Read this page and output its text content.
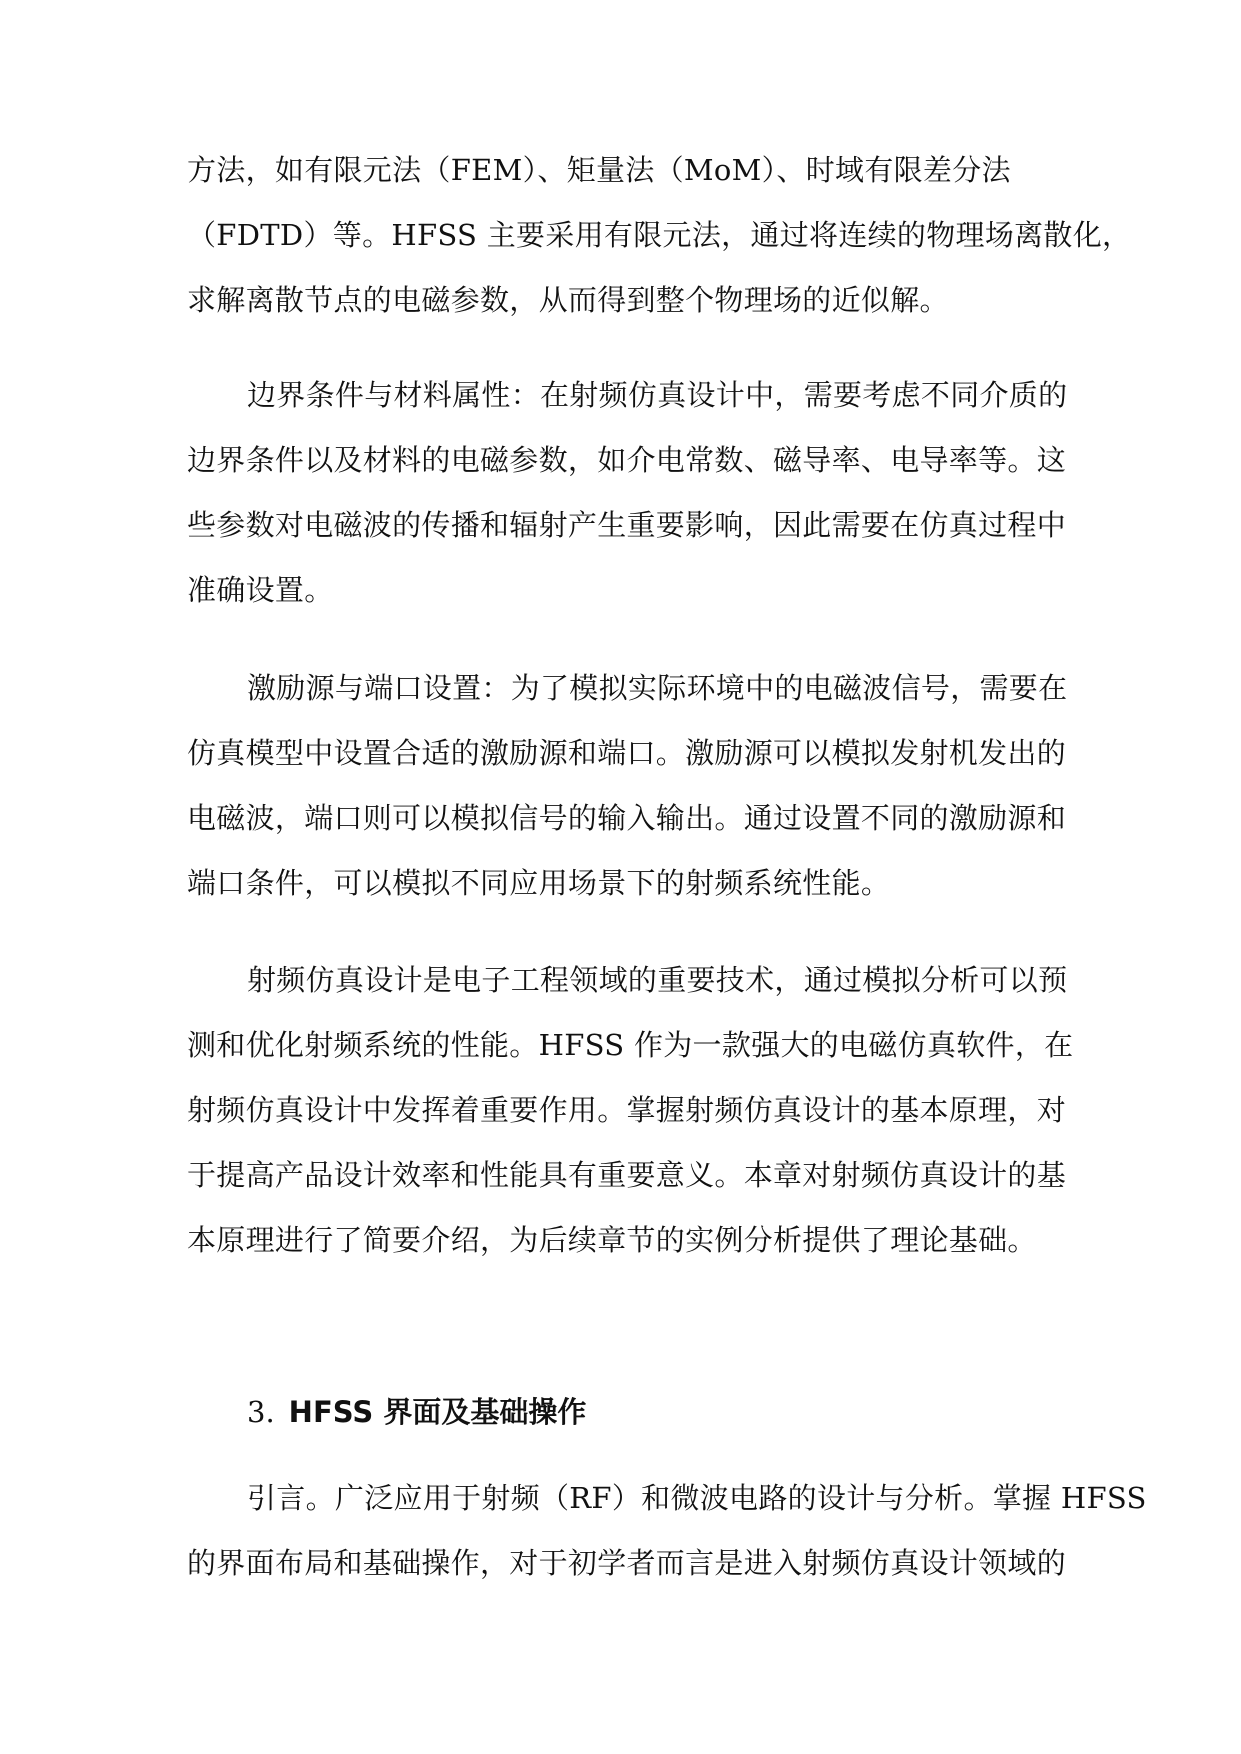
方法，如有限元法（FEM）、矩量法（MoM）、时域有限差分法
（FDTD）等。HFSS 主要采用有限元法，通过将连续的物理场离散化，
求解离散节点的电磁参数，从而得到整个物理场的近似解。
边界条件与材料属性：在射频仿真设计中，需要考虑不同介质的
边界条件以及材料的电磁参数，如介电常数、磁导率、电导率等。这
些参数对电磁波的传播和辐射产生重要影响，因此需要在仿真过程中
准确设置。
激励源与端口设置：为了模拟实际环境中的电磁波信号，需要在
仿真模型中设置合适的激励源和端口。激励源可以模拟发射机发出的
电磁波，端口则可以模拟信号的输入输出。通过设置不同的激励源和
端口条件，可以模拟不同应用场景下的射频系统性能。
射频仿真设计是电子工程领域的重要技术，通过模拟分析可以预
测和优化射频系统的性能。HFSS 作为一款强大的电磁仿真软件，在
射频仿真设计中发挥着重要作用。掌握射频仿真设计的基本原理，对
于提高产品设计效率和性能具有重要意义。本章对射频仿真设计的基
本原理进行了简要介绍，为后续章节的实例分析提供了理论基础。
3. HFSS 界面及基础操作
引言。广泛应用于射频（RF）和微波电路的设计与分析。掌握 HFSS
的界面布局和基础操作，对于初学者而言是进入射频仿真设计领域的
